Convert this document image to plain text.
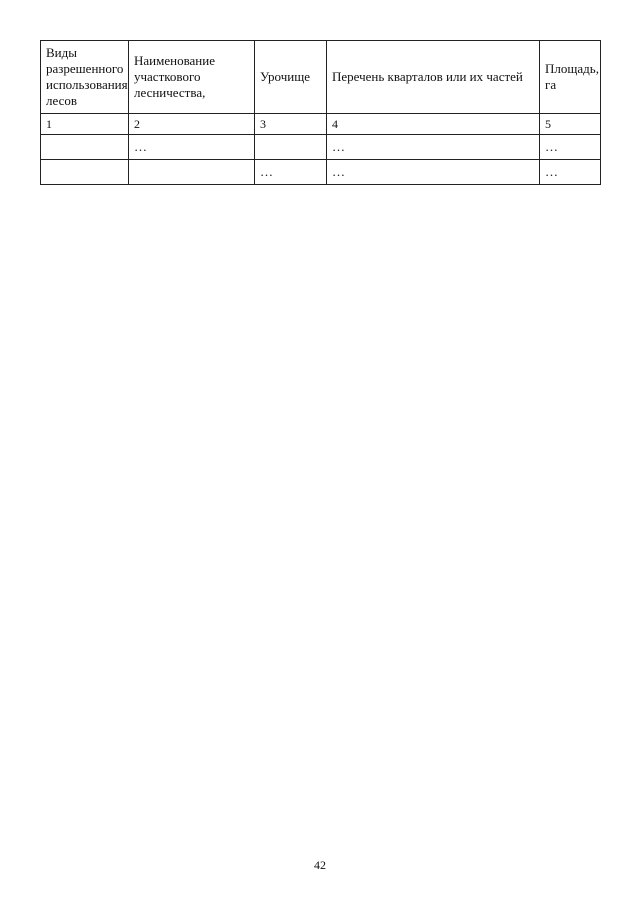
Виды разрешенного использования лесов	Наименование участкового лесничества,	Урочище	Перечень кварталов или их частей	Площадь, га
1	2	3	4	5
	…		…	…
		…	…	…
42
